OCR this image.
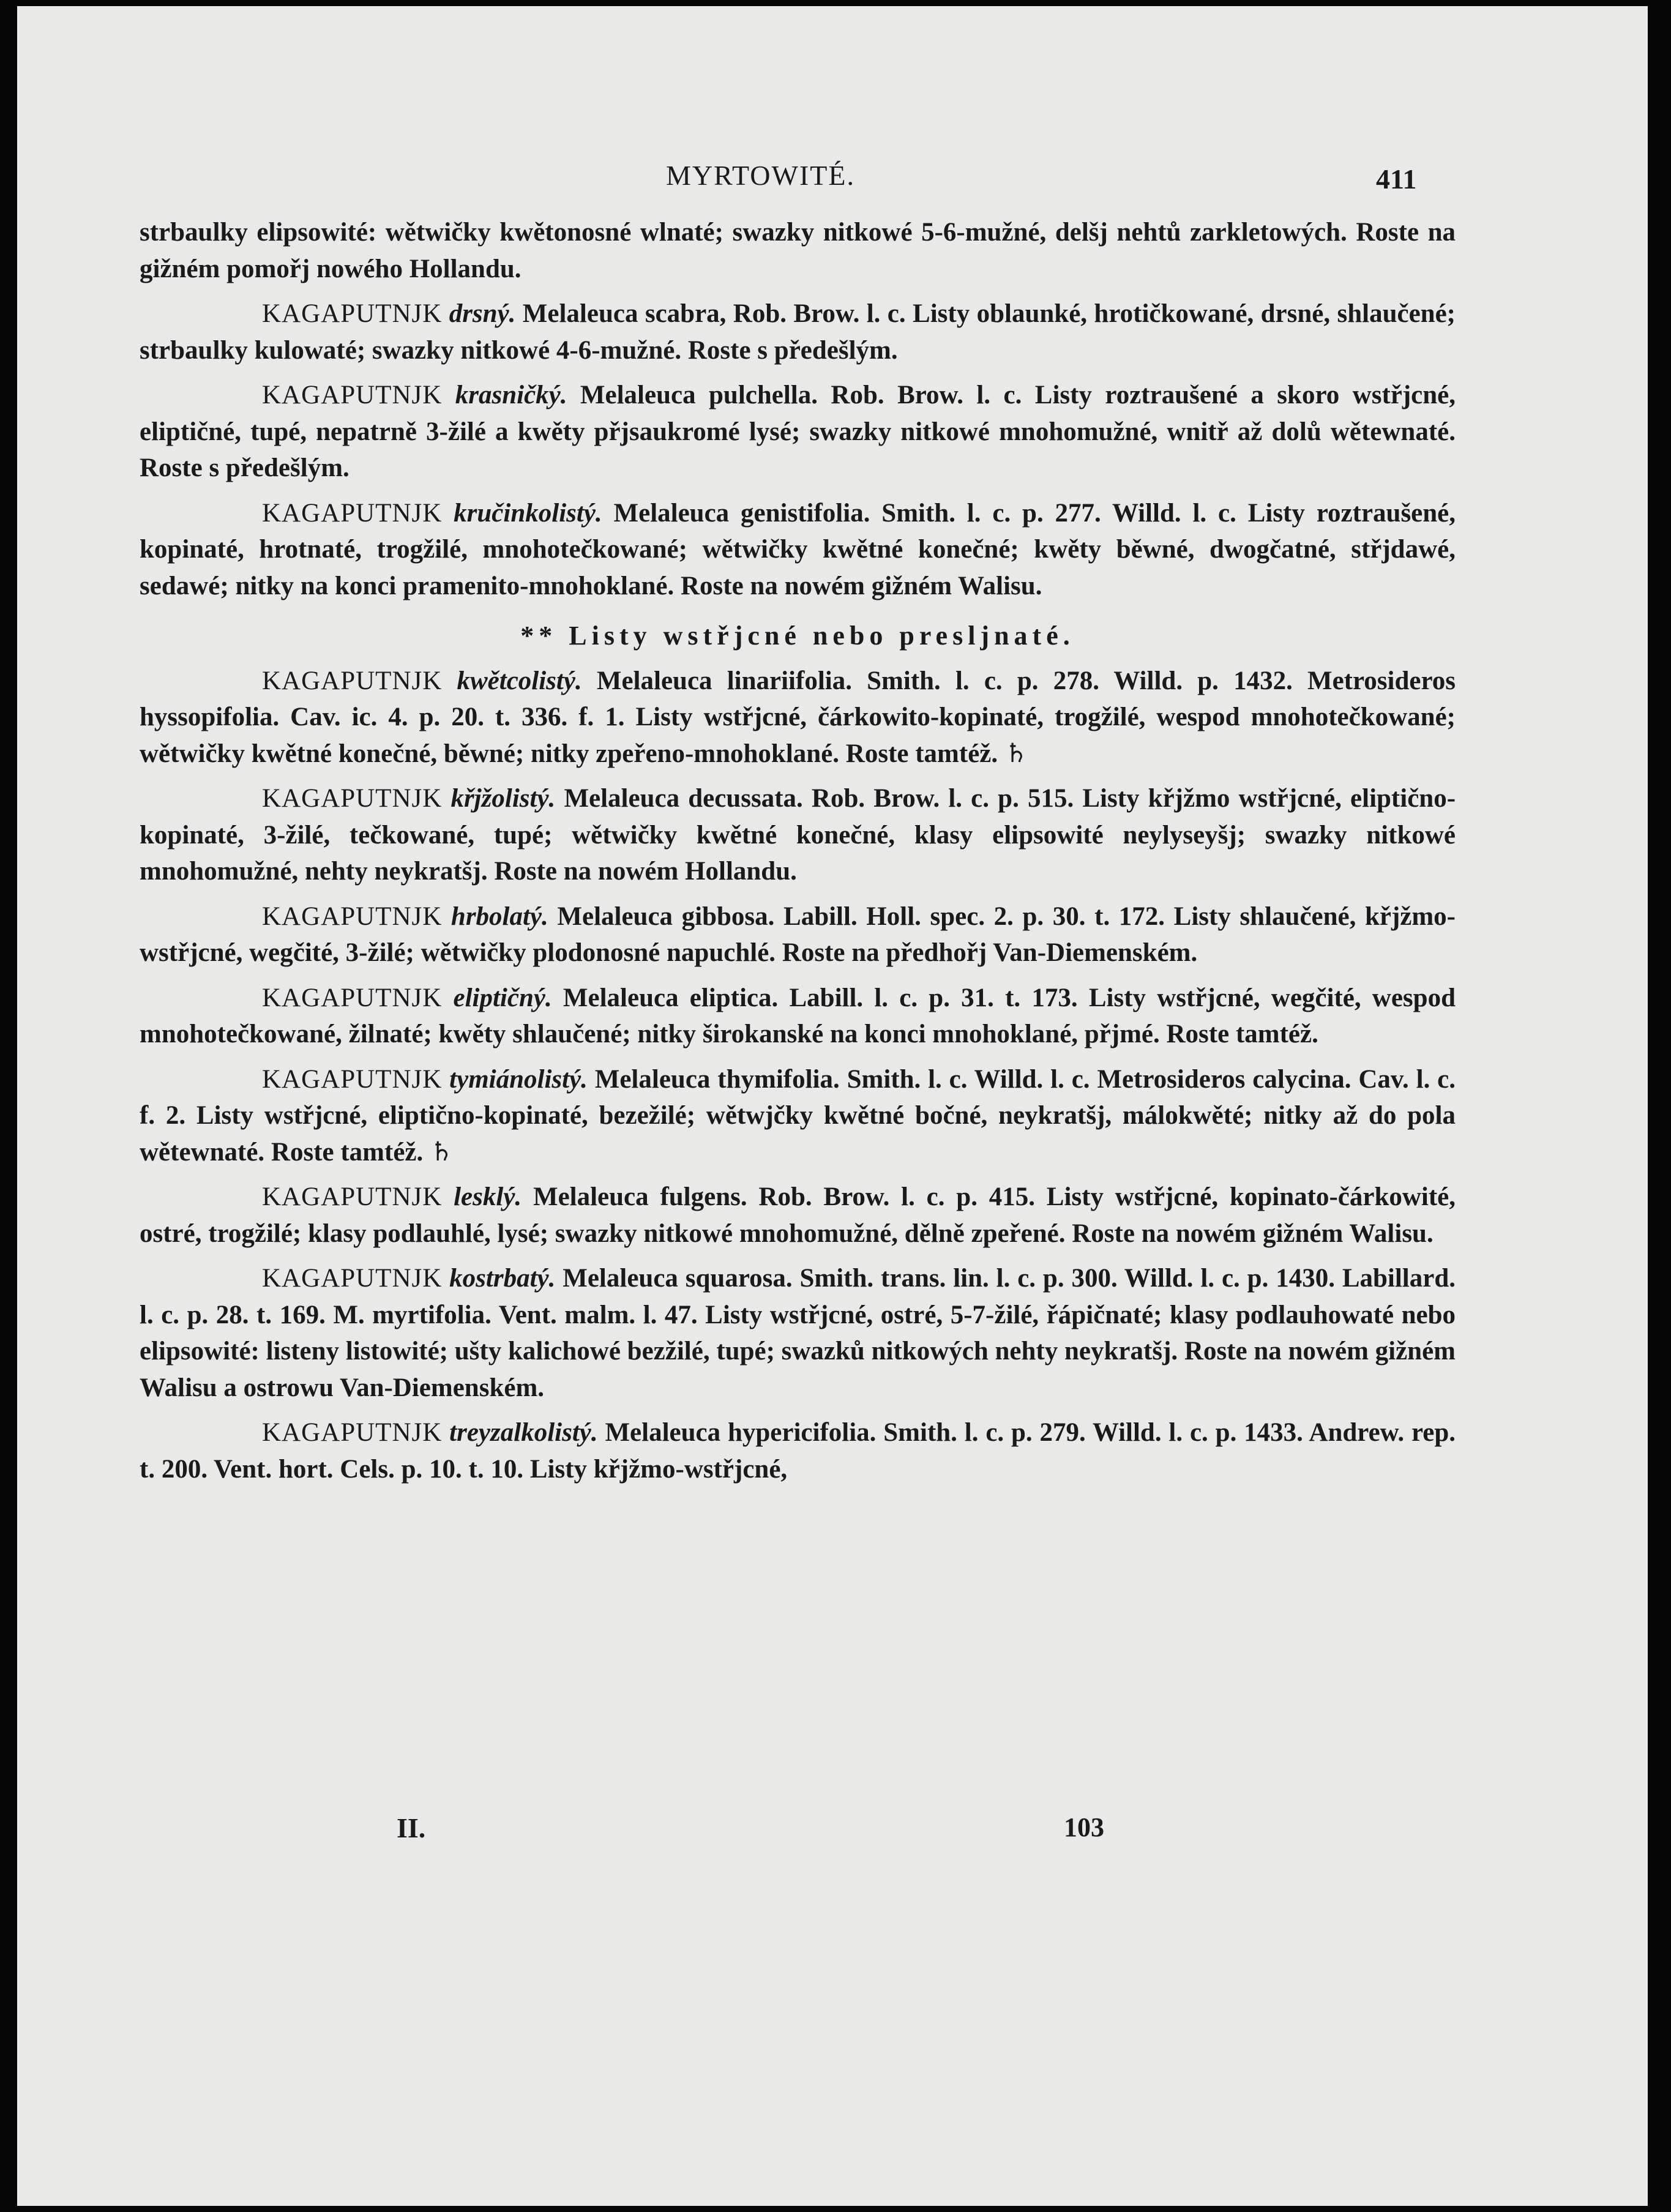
MYRTOWITÉ.	411

strbaulky elipsowité: wětwičky kwětonosné wlnaté; swazky nitkowé 5-6-mužné, delšj nehtů zarkletowých. Roste na gižném pomořj nowého Hollandu.

KAGAPUTNJK drsný. Melaleuca scabra, Rob. Brow. l. c. Listy oblaunké, hrotičkowané, drsné, shlaučené; strbaulky kulowaté; swazky nitkowé 4-6-mužné. Roste s předešlým.

KAGAPUTNJK krasničký. Melaleuca pulchella. Rob. Brow. l. c. Listy roztraušené a skoro wstřjcné, eliptičné, tupé, nepatrně 3-žilé a kwěty přjsaukromé lysé; swazky nitkowé mnohomužné, wnitř až dolů wětewnaté. Roste s předešlým.

KAGAPUTNJK kručinkolistý. Melaleuca genistifolia. Smith. l. c. p. 277. Willd. l. c. Listy roztraušené, kopinaté, hrotnaté, trogžilé, mnohotečkowané; wětwičky kwětné konečné; kwěty běwné, dwogčatné, střjdawé, sedawé; nitky na konci pramenito-mnohoklané. Roste na nowém gižném Walisu.

** Listy wstřjcné nebo presljnaté.

KAGAPUTNJK kwětcolistý. Melaleuca linariifolia. Smith. l. c. p. 278. Willd. p. 1432. Metrosideros hyssopifolia. Cav. ic. 4. p. 20. t. 336. f. 1. Listy wstřjcné, čárkowito-kopinaté, trogžilé, wespod mnohotečkowané; wětwičky kwětné konečné, běwné; nitky zpeřeno-mnohoklané. Roste tamtéž. ♄

KAGAPUTNJK křjžolistý. Melaleuca decussata. Rob. Brow. l. c. p. 515. Listy křjžmo wstřjcné, eliptično-kopinaté, 3-žilé, tečkowané, tupé; wětwičky kwětné konečné, klasy elipsowité neylyseyšj; swazky nitkowé mnohomužné, nehty neykratšj. Roste na nowém Hollandu.

KAGAPUTNJK hrbolatý. Melaleuca gibbosa. Labill. Holl. spec. 2. p. 30. t. 172. Listy shlaučené, křjžmo-wstřjcné, wegčité, 3-žilé; wětwičky plodonosné napuchlé. Roste na předhořj Van-Diemenském.

KAGAPUTNJK eliptičný. Melaleuca eliptica. Labill. l. c. p. 31. t. 173. Listy wstřjcné, wegčité, wespod mnohotečkowané, žilnaté; kwěty shlaučené; nitky širokanské na konci mnohoklané, přjmé. Roste tamtéž.

KAGAPUTNJK tymiánolistý. Melaleuca thymifolia. Smith. l. c. Willd. l. c. Metrosideros calycina. Cav. l. c. f. 2. Listy wstřjcné, eliptično-kopinaté, bezežilé; wětwjčky kwětné bočné, neykratšj, málokwěté; nitky až do pola wětewnaté. Roste tamtéž. ♄

KAGAPUTNJK lesklý. Melaleuca fulgens. Rob. Brow. l. c. p. 415. Listy wstřjcné, kopinato-čárkowité, ostré, trogžilé; klasy podlauhlé, lysé; swazky nitkowé mnohomužné, dělně zpeřené. Roste na nowém gižném Walisu.

KAGAPUTNJK kostrbatý. Melaleuca squarosa. Smith. trans. lin. l. c. p. 300. Willd. l. c. p. 1430. Labillard. l. c. p. 28. t. 169. M. myrtifolia. Vent. malm. l. 47. Listy wstřjcné, ostré, 5-7-žilé, řápičnaté; klasy podlauhowaté nebo elipsowité: listeny listowité; ušty kalichowé bezžilé, tupé; swazků nitkowých nehty neykratšj. Roste na nowém gižném Walisu a ostrowu Van-Diemenském.

KAGAPUTNJK treyzalkolistý. Melaleuca hypericifolia. Smith. l. c. p. 279. Willd. l. c. p. 1433. Andrew. rep. t. 200. Vent. hort. Cels. p. 10. t. 10. Listy křjžmo-wstřjcné,

II.	103
